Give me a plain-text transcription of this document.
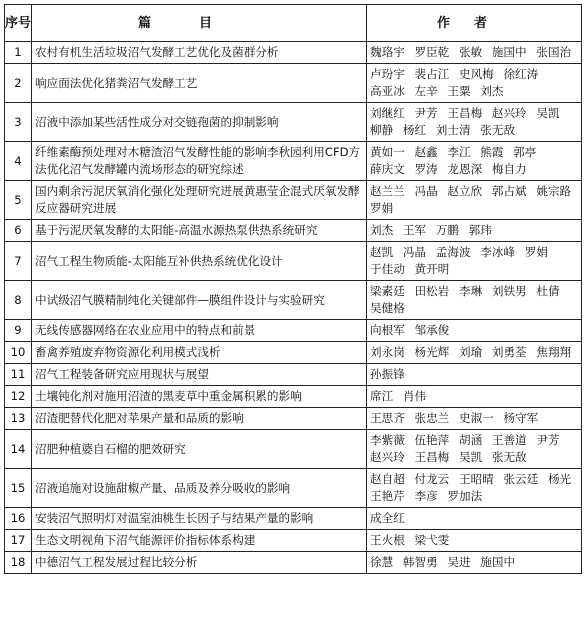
序号	篇目	作者
1	农村有机生活垃圾沼气发酵工艺优化及菌群分析	魏珞宇 罗臣乾 张敏 施国中 张国治
2	响应面法优化猪粪沼气发酵工艺	卢玢宇 裴占江 史风梅 徐红涛 高亚冰 左辛 王粟 刘杰
3	沼液中添加某些活性成分对交链孢菌的抑制影响	刘继红 尹芳 王昌梅 赵兴玲 吴凯 柳静 杨红 刘士清 张无敌
4	纤维素酶预处理对木糖渣沼气发酵性能的影响李秋园利用CFD方法优化沼气发酵罐内流场形态的研究综述	黄如一 赵鑫 李江 熊霞 郭亭 薛庆文 罗涛 龙恩深 梅自力
5	国内剩余污泥厌氧消化强化处理研究进展黄惠莹企混式厌氧发酵反应器研究进展	赵兰兰 冯晶 赵立欣 郭占斌 姚宗路 罗娟
6	基于污泥厌氧发酵的太阳能-高温水源热泵供热系统研究	刘杰 王军 万鹏 郭玮
7	沼气工程生物质能-太阳能互补供热系统优化设计	赵凯 冯晶 孟海波 李冰峰 罗娟 于佳动 黄开明
8	中试级沼气膜精制纯化关键部件—膜组件设计与实验研究	梁素廷 田松岩 李琳 刘铁男 杜倩 吴健格
9	无线传感器网络在农业应用中的特点和前景	向根军 邹承俊
10	畜禽养殖废弃物资源化利用模式浅析	刘永岗 杨光辉 刘瑜 刘勇荃 焦翔翔
11	沼气工程装备研究应用现状与展望	孙振锋
12	土壤钝化剂对施用沼渣的黑麦草中重金属积累的影响	席江 肖伟
13	沼渣肥替代化肥对苹果产量和品质的影响	王思齐 张忠兰 史淑一 杨守军
14	沼肥种植婆自石榴的肥效研究	李紫薇 伍艳萍 胡涵 王善道 尹芳 赵兴玲 王昌梅 吴凯 张无敌
15	沼液追施对设施甜椒产量、品质及养分吸收的影响	赵自超 付龙云 王昭晴 张云廷 杨光 王艳芹 李彦 罗加法
16	安装沼气照明灯对温室油桃生长因子与结果产量的影响	成全红
17	生态文明视角下沼气能源评价指标体系构建	王火根 梁弋雯
18	中德沼气工程发展过程比较分析	徐慧 韩智勇 吴进 施国中
